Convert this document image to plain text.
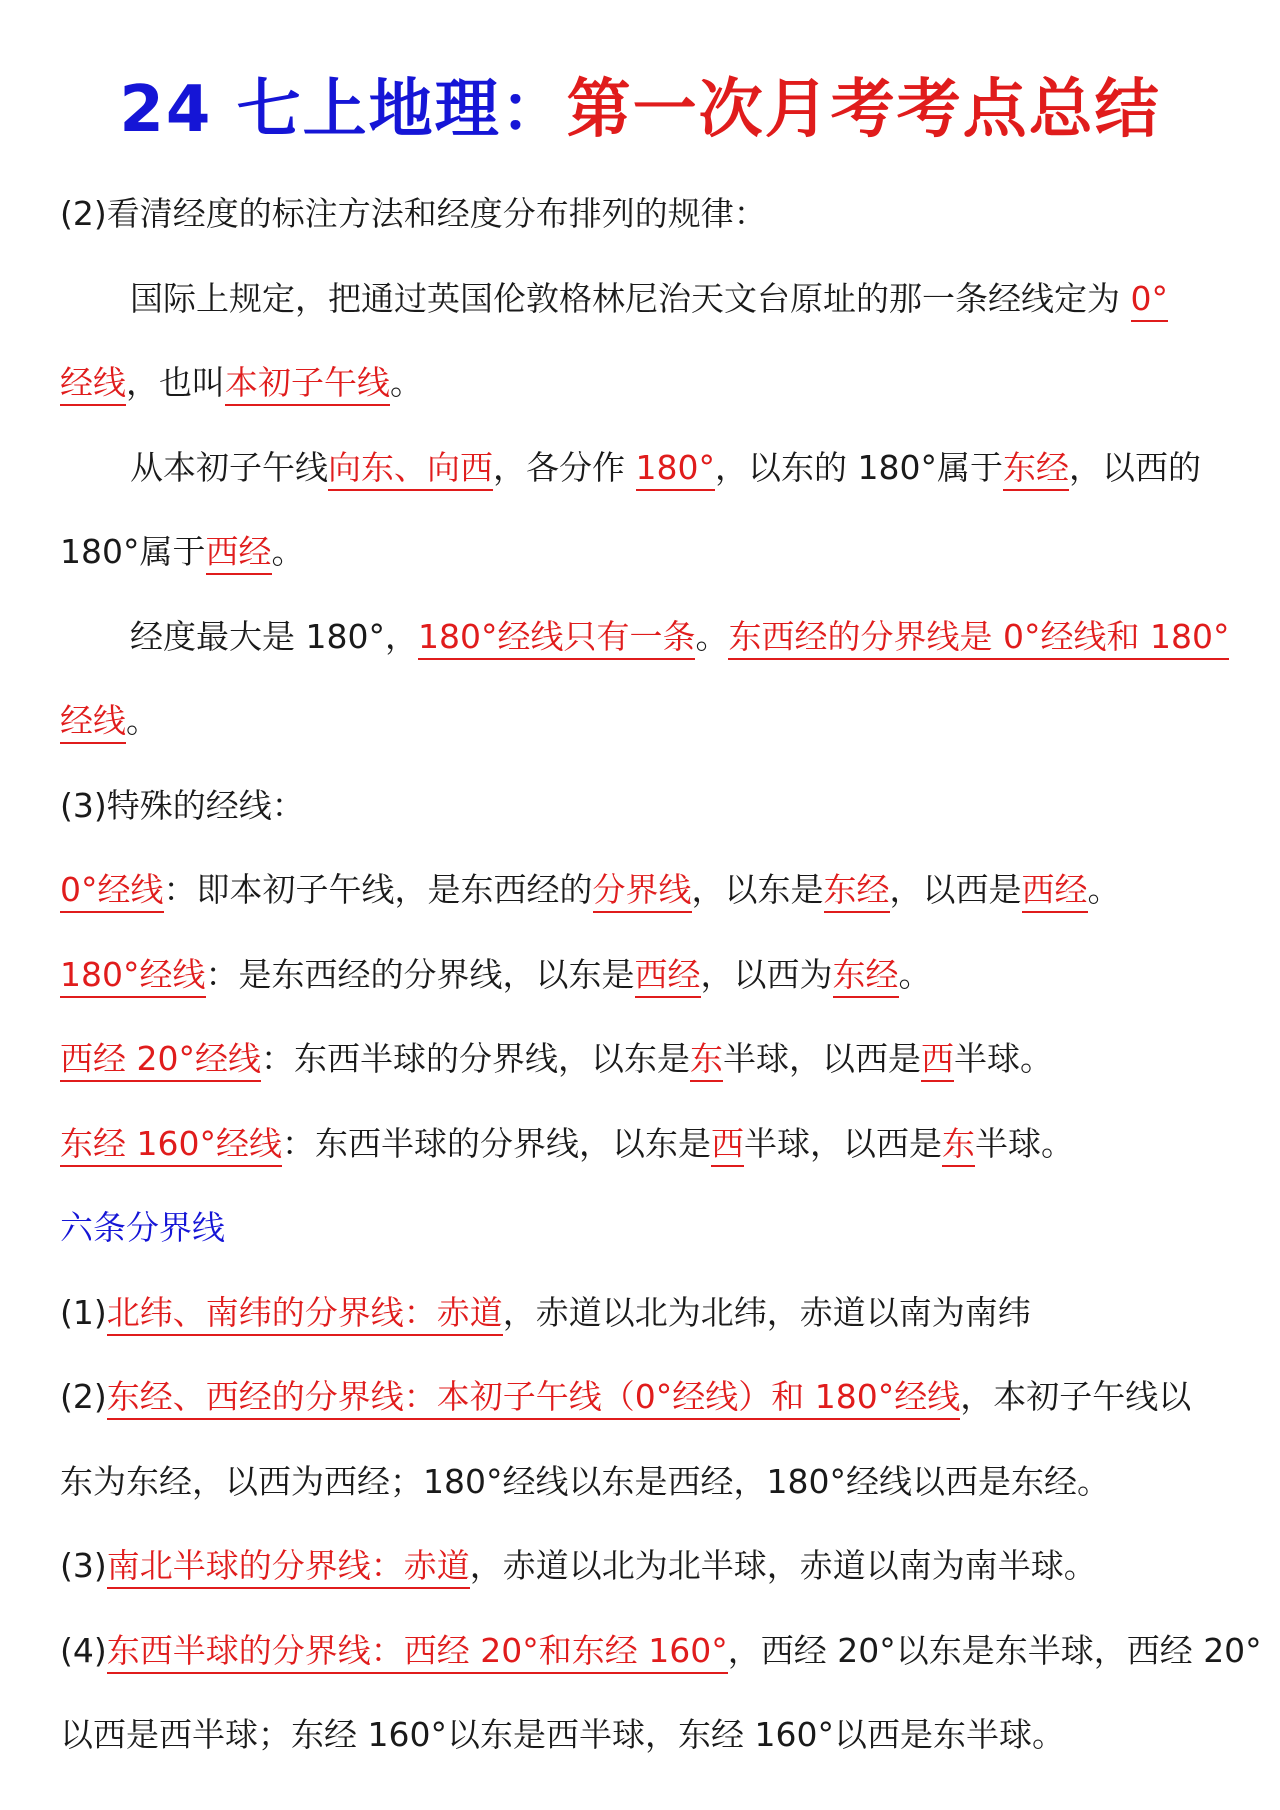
24 七上地理：第一次月考考点总结

(2)看清经度的标注方法和经度分布排列的规律：

国际上规定，把通过英国伦敦格林尼治天文台原址的那一条经线定为 0°

经线，也叫本初子午线。

从本初子午线向东、向西，各分作 180°，以东的 180°属于东经，以西的

180°属于西经。

经度最大是 180°，180°经线只有一条。东西经的分界线是 0°经线和 180°

经线。

(3)特殊的经线：

0°经线：即本初子午线，是东西经的分界线，以东是东经，以西是西经。

180°经线：是东西经的分界线，以东是西经，以西为东经。

西经 20°经线：东西半球的分界线，以东是东半球，以西是西半球。

东经 160°经线：东西半球的分界线，以东是西半球，以西是东半球。

六条分界线

(1)北纬、南纬的分界线：赤道，赤道以北为北纬，赤道以南为南纬

(2)东经、西经的分界线：本初子午线（0°经线）和 180°经线，本初子午线以

东为东经，以西为西经；180°经线以东是西经，180°经线以西是东经。

(3)南北半球的分界线：赤道，赤道以北为北半球，赤道以南为南半球。

(4)东西半球的分界线：西经 20°和东经 160°，西经 20°以东是东半球，西经 20°

以西是西半球；东经 160°以东是西半球，东经 160°以西是东半球。
